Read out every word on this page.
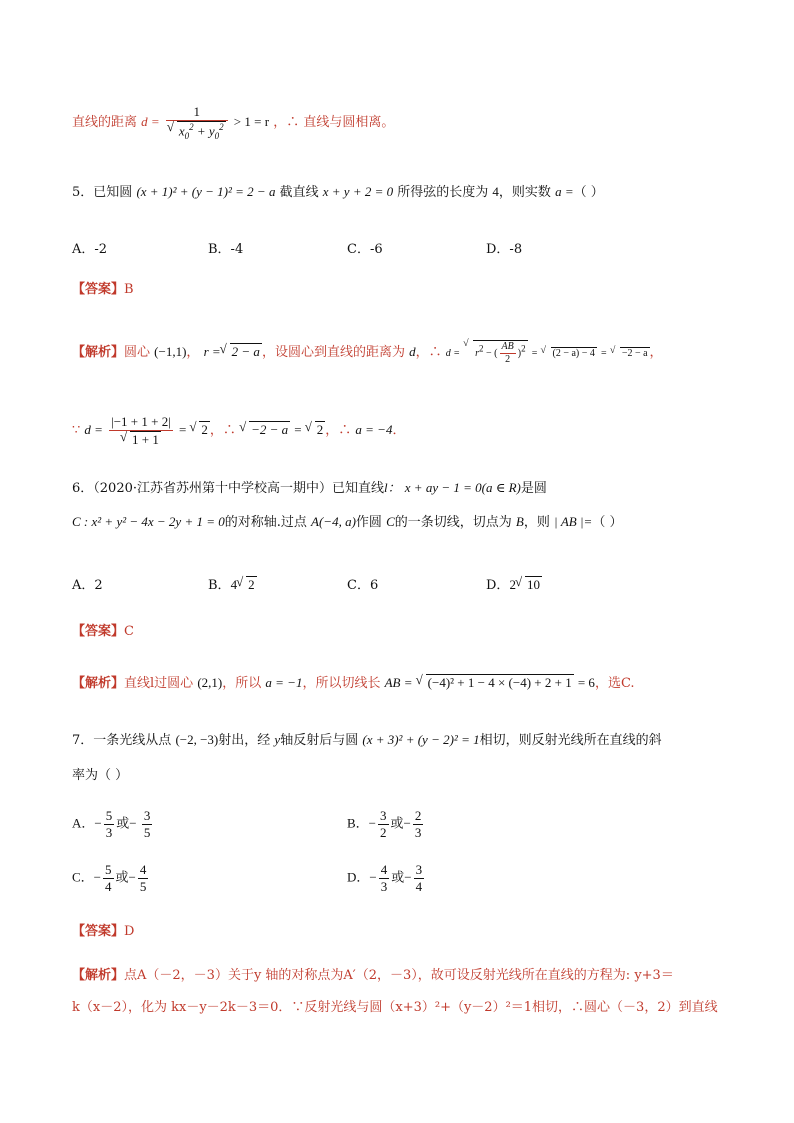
直线的距离 d = 1
√ $x_0^2 + y_0^2 > 1 = r$ ，∴ 直线与圆相离。
5．已知圆 (x + 1)² + (y − 1)² = 2 − a 截直线 x + y + 2 = 0 所得弦的长度为 4，则实数 a =（ ）
A．-2	B．-4	C．-6	D．-8
【答案】B
【解析】圆心 (−1,1)， r = √ 2 − a ，设圆心到直线的距离为 d，∴ d = √ $r^2$ − ( $\frac{AB}{2} )^2$ = √ (2 − a) − 4 = √ −2 − a ，
∵ d = |−1 + 1 + 2|
√ 1 + 1 = √ 2 ，∴ √ −2 − a = √ 2 ，∴ a = −4．
6．（2020·江苏省苏州第十中学校高一期中）已知直线l： x + ay − 1 = 0(a ∈ R)是圆
C : x² + y² − 4x − 2y + 1 = 0的对称轴.过点 A(−4, a)作圆 C的一条切线，切点为 B，则 | AB |=（ ）
A．2	B．4 √ 2	C．6	D．2 √ 10
【答案】C
【解析】直线l过圆心 (2,1)，所以 a = −1，所以切线长 AB = √ (−4)² + 1 − 4 × (−4) + 2 + 1 = 6，选C.
7．一条光线从点 (−2, −3)射出，经 y轴反射后与圆 (x + 3)² + (y − 2)² = 1相切，则反射光线所在直线的斜
率为（ ）
A．− $\frac{5}{3}$ 或− $\frac{3}{5}$	B．− $\frac{3}{2}$ 或− $\frac{2}{3}$
C．− $\frac{5}{4}$ 或− $\frac{4}{5}$	D．− $\frac{4}{3}$ 或− $\frac{3}{4}$
【答案】D
【解析】点A（－2，－3）关于y 轴的对称点为A′（2，－3），故可设反射光线所在直线的方程为: y+3＝
k（x－2），化为 kx－y－2k－3＝0．∵反射光线与圆（x+3）²+（y－2）²＝1相切，∴圆心（－3，2）到直线
